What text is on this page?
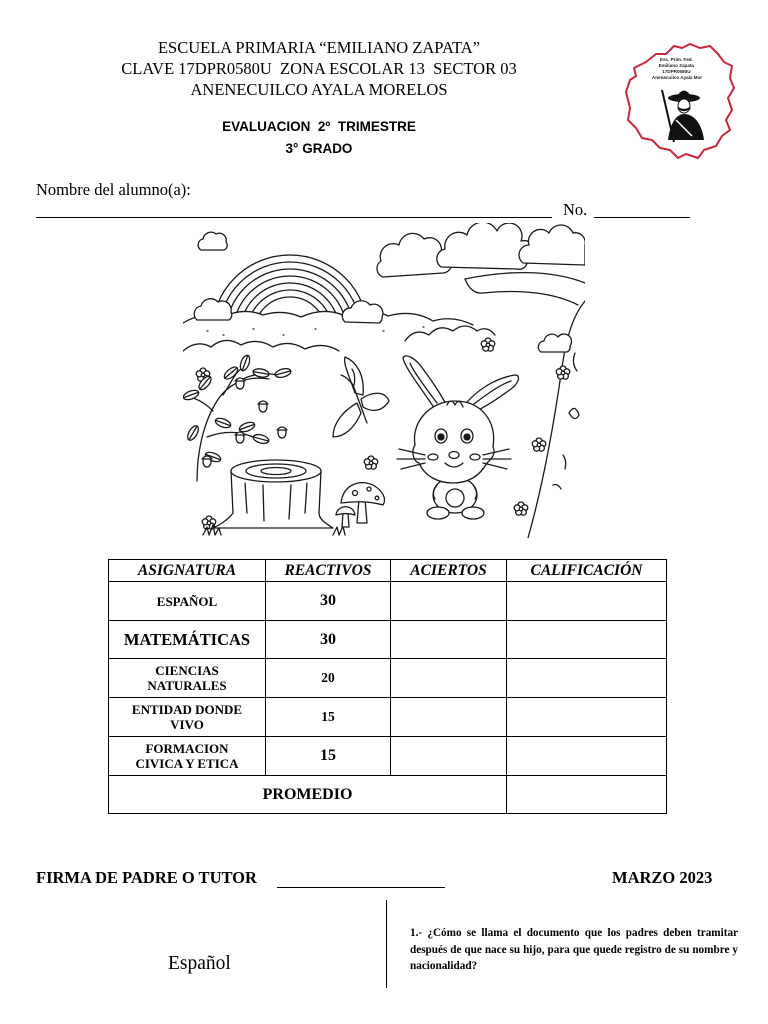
ESCUELA PRIMARIA “EMILIANO ZAPATA”
CLAVE 17DPR0580U  ZONA ESCOLAR 13  SECTOR 03
ANENECUILCO AYALA MORELOS
EVALUACION  2º  TRIMESTRE
3° GRADO
Esc. Prim. Fed. Emiliano Zapata 17DPR0580U Anenecuilco Ayala Mor
Nombre del alumno(a):
No.
ASIGNATURA	REACTIVOS	ACIERTOS	CALIFICACIÓN
ESPAÑOL	30		
MATEMÁTICAS	30		
CIENCIAS NATURALES	20		
ENTIDAD DONDE VIVO	15		
FORMACION CIVICA Y ETICA	15		
PROMEDIO			
FIRMA DE PADRE O TUTOR	MARZO 2023
Español
1.- ¿Cómo se llama el documento que los padres deben tramitar después de que nace su hijo, para que quede registro de su nombre y nacionalidad?
